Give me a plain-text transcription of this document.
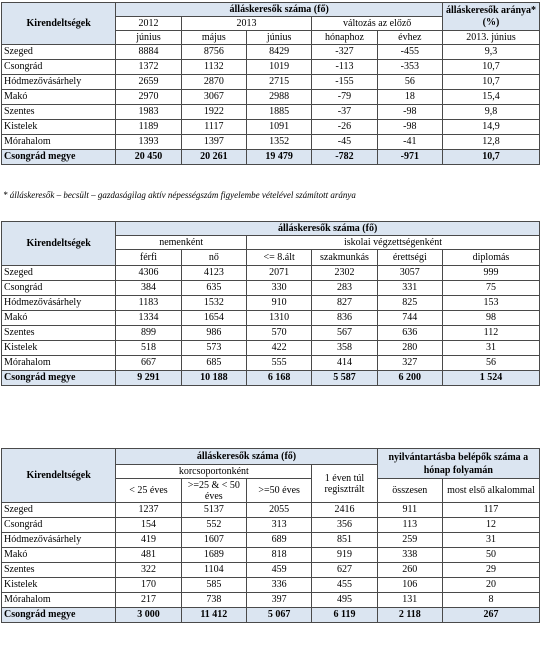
Kirendeltségek	álláskeresők száma (fő)					álláskeresők aránya* (%)
	2012	2013		változás az előző		
	június	május	június	hónaphoz	évhez	2013. június
Szeged	8884	8756	8429	-327	-455	9,3
Csongrád	1372	1132	1019	-113	-353	10,7
Hódmezővásárhely	2659	2870	2715	-155	56	10,7
Makó	2970	3067	2988	-79	18	15,4
Szentes	1983	1922	1885	-37	-98	9,8
Kistelek	1189	1117	1091	-26	-98	14,9
Mórahalom	1393	1397	1352	-45	-41	12,8
Csongrád megye	20 450	20 261	19 479	-782	-971	10,7
* álláskeresők – becsült – gazdaságilag aktív népességszám figyelembe vételével számított aránya
Kirendeltségek	álláskeresők száma (fő)					
	nemenként		iskolai végzettségenként			
	férfi	nő	<= 8.ált	szakmunkás	érettségi	diplomás
Szeged	4306	4123	2071	2302	3057	999
Csongrád	384	635	330	283	331	75
Hódmezővásárhely	1183	1532	910	827	825	153
Makó	1334	1654	1310	836	744	98
Szentes	899	986	570	567	636	112
Kistelek	518	573	422	358	280	31
Mórahalom	667	685	555	414	327	56
Csongrád megye	9 291	10 188	6 168	5 587	6 200	1 524
Kirendeltségek	álláskeresők száma (fő)				nyilvántartásba belépők száma a hónap folyamán	
	korcsoportonként			1 éven túl regisztrált		
	< 25 éves	>=25 & < 50 éves	>=50 éves		összesen	most első alkalommal
Szeged	1237	5137	2055	2416	911	117
Csongrád	154	552	313	356	113	12
Hódmezővásárhely	419	1607	689	851	259	31
Makó	481	1689	818	919	338	50
Szentes	322	1104	459	627	260	29
Kistelek	170	585	336	455	106	20
Mórahalom	217	738	397	495	131	8
Csongrád megye	3 000	11 412	5 067	6 119	2 118	267
